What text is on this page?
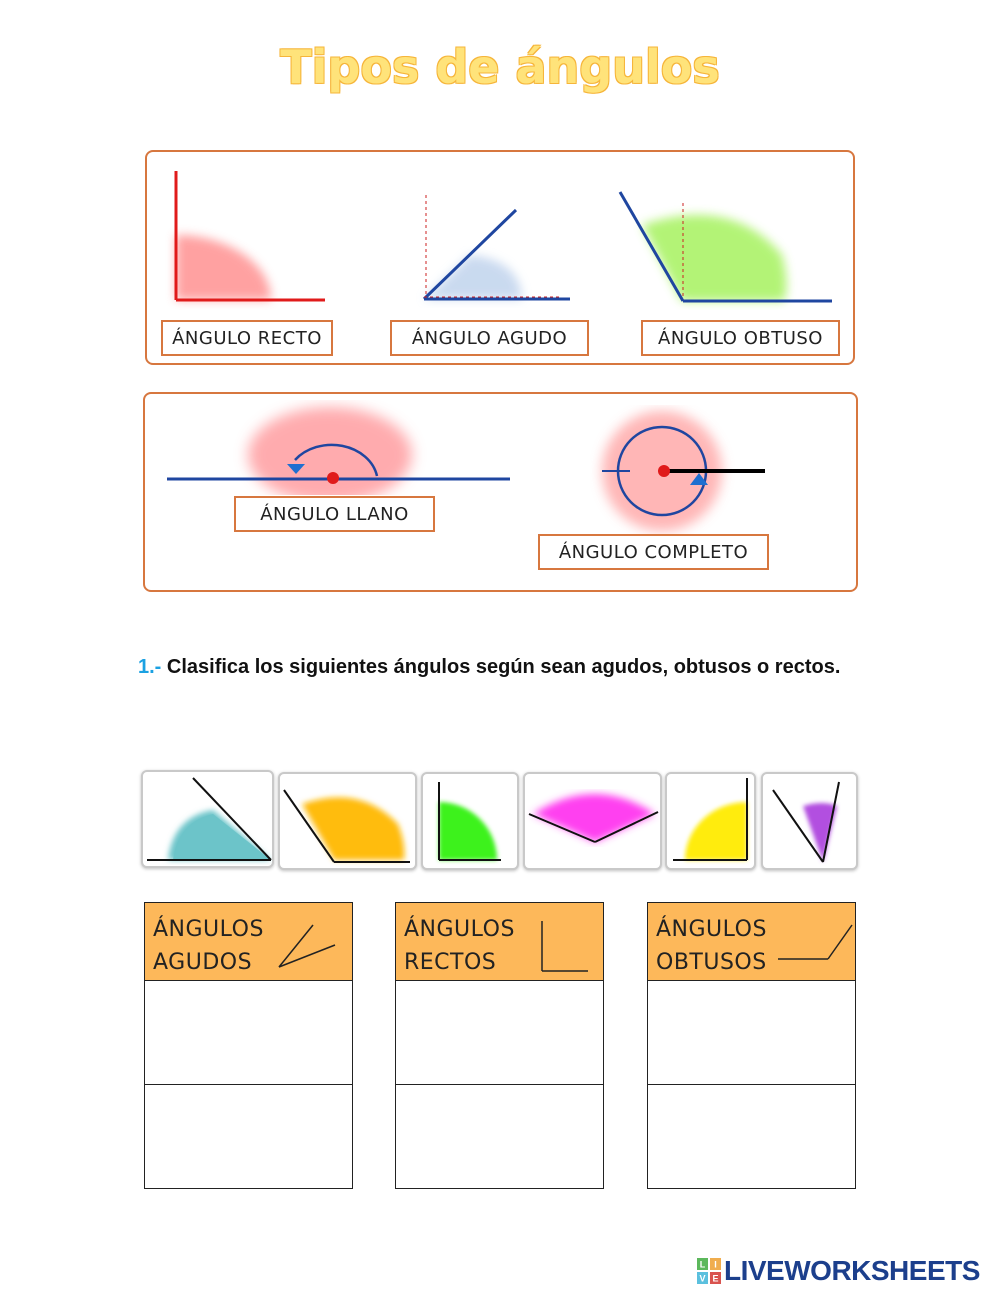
Tipos de ángulos
ÁNGULO RECTO	ÁNGULO AGUDO	ÁNGULO OBTUSO
ÁNGULO LLANO
ÁNGULO COMPLETO
1.- Clasifica los siguientes ángulos según sean agudos, obtusos o rectos.
ÁNGULOS
AGUDOS
ÁNGULOS
RECTOS
ÁNGULOS
OBTUSOS
L I
V E LIVEWORKSHEETS
